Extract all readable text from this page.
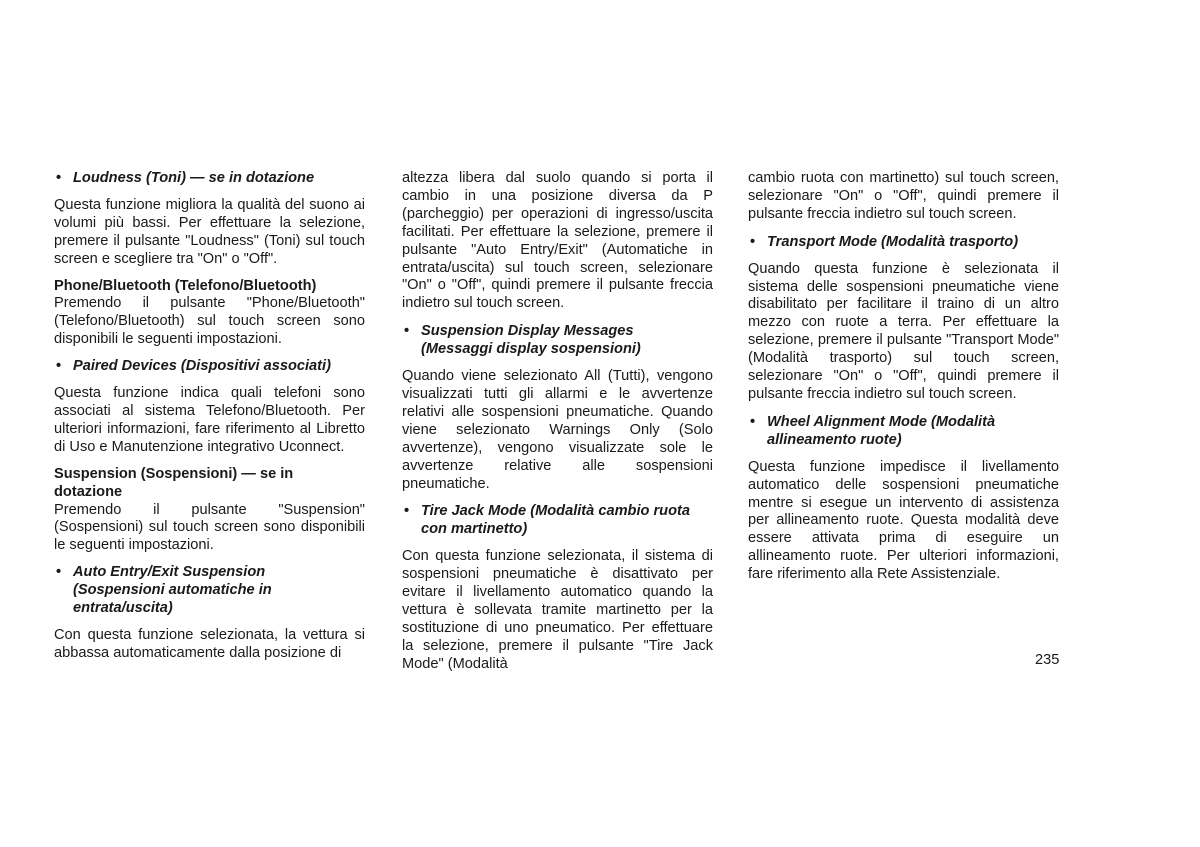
• Loudness (Toni) — se in dotazione

Questa funzione migliora la qualità del suono ai volumi più bassi. Per effettuare la selezione, premere il pulsante "Loudness" (Toni) sul touch screen e scegliere tra "On" o "Off".

Phone/Bluetooth (Telefono/Bluetooth)

Premendo il pulsante "Phone/Bluetooth" (Telefono/Bluetooth) sul touch screen sono disponibili le seguenti impostazioni.

• Paired Devices (Dispositivi associati)

Questa funzione indica quali telefoni sono associati al sistema Telefono/Bluetooth. Per ulteriori informazioni, fare riferimento al Libretto di Uso e Manutenzione integrativo Uconnect.

Suspension (Sospensioni) — se in dotazione

Premendo il pulsante "Suspension" (Sospensioni) sul touch screen sono disponibili le seguenti impostazioni.

• Auto Entry/Exit Suspension (Sospensioni automatiche in entrata/uscita)

Con questa funzione selezionata, la vettura si abbassa automaticamente dalla posizione di

altezza libera dal suolo quando si porta il cambio in una posizione diversa da P (parcheggio) per operazioni di ingresso/uscita facilitati. Per effettuare la selezione, premere il pulsante "Auto Entry/Exit" (Automatiche in entrata/uscita) sul touch screen, selezionare "On" o "Off", quindi premere il pulsante freccia indietro sul touch screen.

• Suspension Display Messages (Messaggi display sospensioni)

Quando viene selezionato All (Tutti), vengono visualizzati tutti gli allarmi e le avvertenze relativi alle sospensioni pneumatiche. Quando viene selezionato Warnings Only (Solo avvertenze), vengono visualizzate sole le avvertenze relative alle sospensioni pneumatiche.

• Tire Jack Mode (Modalità cambio ruota con martinetto)

Con questa funzione selezionata, il sistema di sospensioni pneumatiche è disattivato per evitare il livellamento automatico quando la vettura è sollevata tramite martinetto per la sostituzione di uno pneumatico. Per effettuare la selezione, premere il pulsante "Tire Jack Mode" (Modalità

cambio ruota con martinetto) sul touch screen, selezionare "On" o "Off", quindi premere il pulsante freccia indietro sul touch screen.

• Transport Mode (Modalità trasporto)

Quando questa funzione è selezionata il sistema delle sospensioni pneumatiche viene disabilitato per facilitare il traino di un altro mezzo con ruote a terra. Per effettuare la selezione, premere il pulsante "Transport Mode" (Modalità trasporto) sul touch screen, selezionare "On" o "Off", quindi premere il pulsante freccia indietro sul touch screen.

• Wheel Alignment Mode (Modalità allineamento ruote)

Questa funzione impedisce il livellamento automatico delle sospensioni pneumatiche mentre si esegue un intervento di assistenza per allineamento ruote. Questa modalità deve essere attivata prima di eseguire un allineamento ruote. Per ulteriori informazioni, fare riferimento alla Rete Assistenziale.

235
